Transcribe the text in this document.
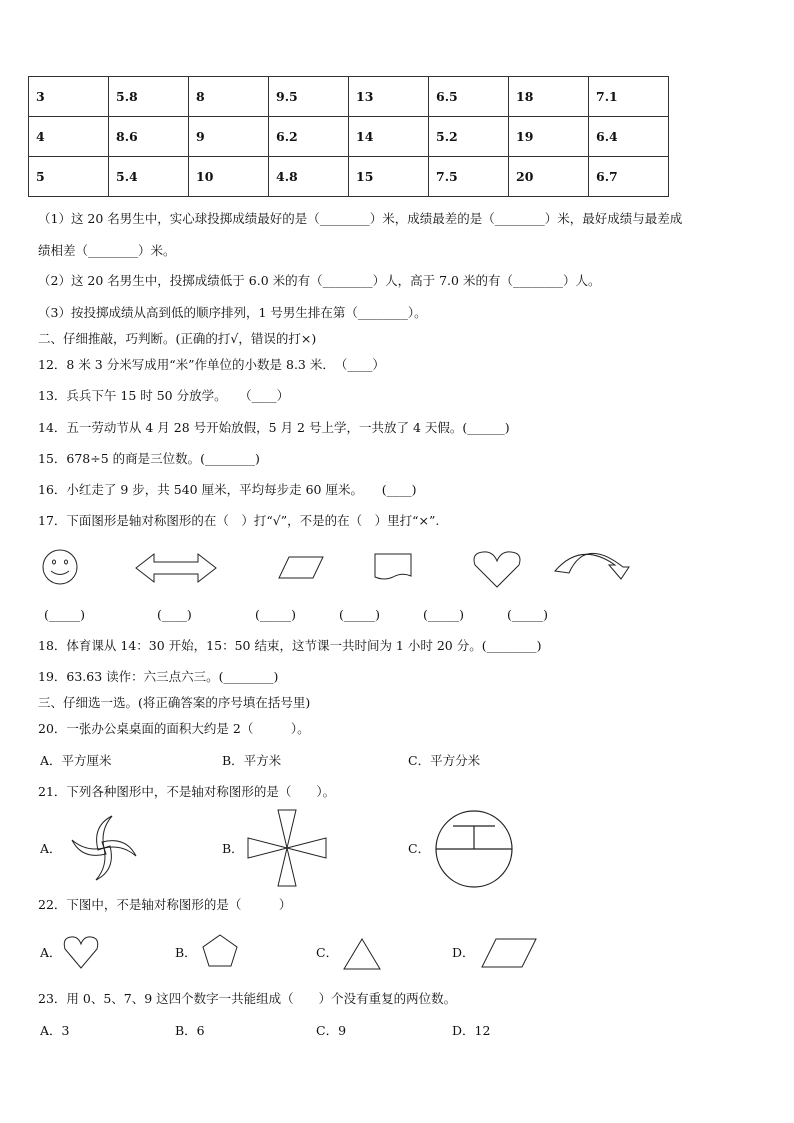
3	5.8	8	9.5	13	6.5	18	7.1
4	8.6	9	6.2	14	5.2	19	6.4
5	5.4	10	4.8	15	7.5	20	6.7
（1）这 20 名男生中，实心球投掷成绩最好的是（________）米，成绩最差的是（________）米，最好成绩与最差成
绩相差（________）米。
（2）这 20 名男生中，投掷成绩低于 6.0 米的有（________）人，高于 7.0 米的有（________）人。
（3）按投掷成绩从高到低的顺序排列，1 号男生排在第（________）。
二、仔细推敲，巧判断。(正确的打√，错误的打×)
12．8 米 3 分米写成用“米”作单位的小数是 8.3 米．　（____）
13．兵兵下午 15 时 50 分放学。　　（____）
14．五一劳动节从 4 月 28 号开始放假，5 月 2 号上学，一共放了 4 天假。(______)
15．678÷5 的商是三位数。(________)
16．小红走了 9 步，共 540 厘米，平均每步走 60 厘米。　　(____)
17．下面图形是轴对称图形的在（　）打“√”，不是的在（　）里打“×”.
(_____)	(____)	(_____)	(_____)	(_____)	(_____)
18．体育课从 14：30 开始，15：50 结束，这节课一共时间为 1 小时 20 分。(________)
19．63.63 读作：六三点六三。(________)
三、仔细选一选。(将正确答案的序号填在括号里)
20．一张办公桌桌面的面积大约是 2（　　　）。
A．平方厘米	B．平方米	C．平方分米
21．下列各种图形中，不是轴对称图形的是（　　）。
A．	B．	C．
22．下图中，不是轴对称图形的是（　　　）
A．	B．	C．	D．
23．用 0、5、7、9 这四个数字一共能组成（　　）个没有重复的两位数。
A．3	B．6	C．9	D．12
